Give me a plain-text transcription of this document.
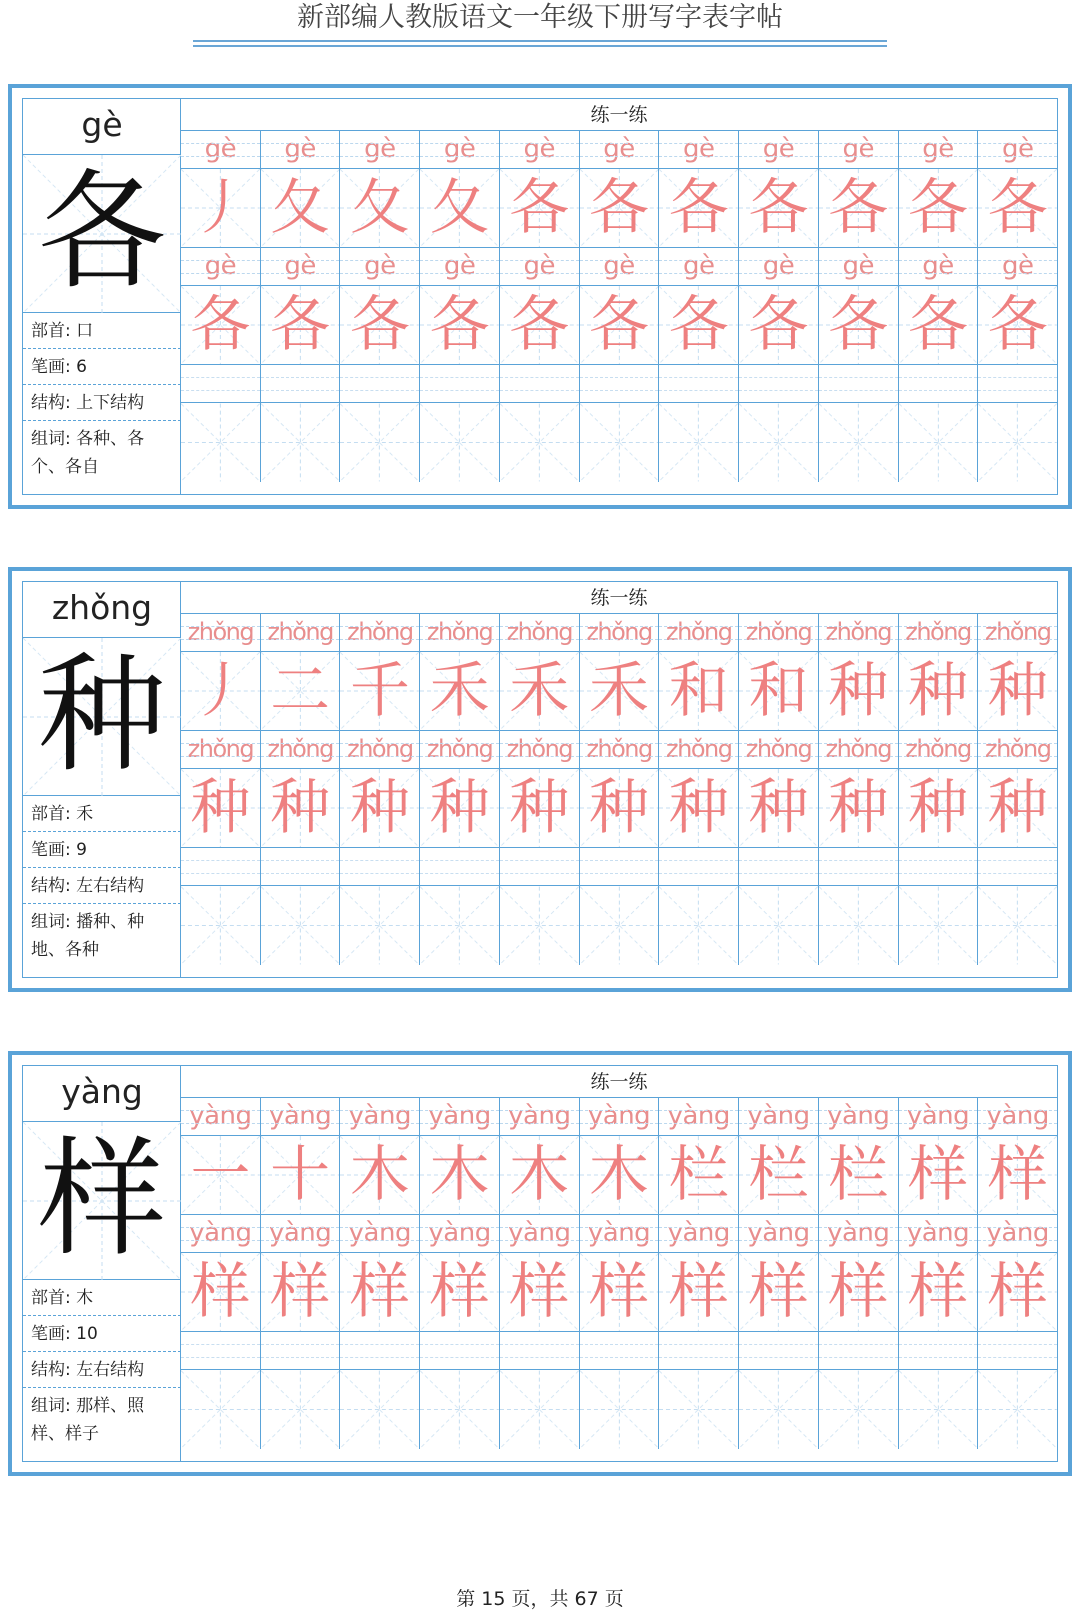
新部编人教版语文一年级下册写字表字帖
gè
各
部首: 口
笔画: 6
结构: 上下结构
组词: 各种、各
个、各自
练一练
gè	gè	gè	gè	gè	gè	gè	gè	gè	gè	gè
丿 夂 夂 夂 各 各 各 各 各 各 各
gè	gè	gè	gè	gè	gè	gè	gè	gè	gè	gè
各 各 各 各 各 各 各 各 各 各 各
zhǒng
种
部首: 禾
笔画: 9
结构: 左右结构
组词: 播种、种
地、各种
练一练
zhǒng zhǒng zhǒng zhǒng zhǒng zhǒng zhǒng zhǒng zhǒng zhǒng zhǒng
丿 二 千 禾 禾 禾 和 和 种 种 种
zhǒng zhǒng zhǒng zhǒng zhǒng zhǒng zhǒng zhǒng zhǒng zhǒng zhǒng
种 种 种 种 种 种 种 种 种 种 种
yàng
样
部首: 木
笔画: 10
结构: 左右结构
组词: 那样、照
样、样子
练一练
yàng yàng yàng yàng yàng yàng yàng yàng yàng yàng yàng
一 十 木 木 木 木 栏 栏 栏 样 样
yàng yàng yàng yàng yàng yàng yàng yàng yàng yàng yàng
样 样 样 样 样 样 样 样 样 样 样
第 15 页，共 67 页
